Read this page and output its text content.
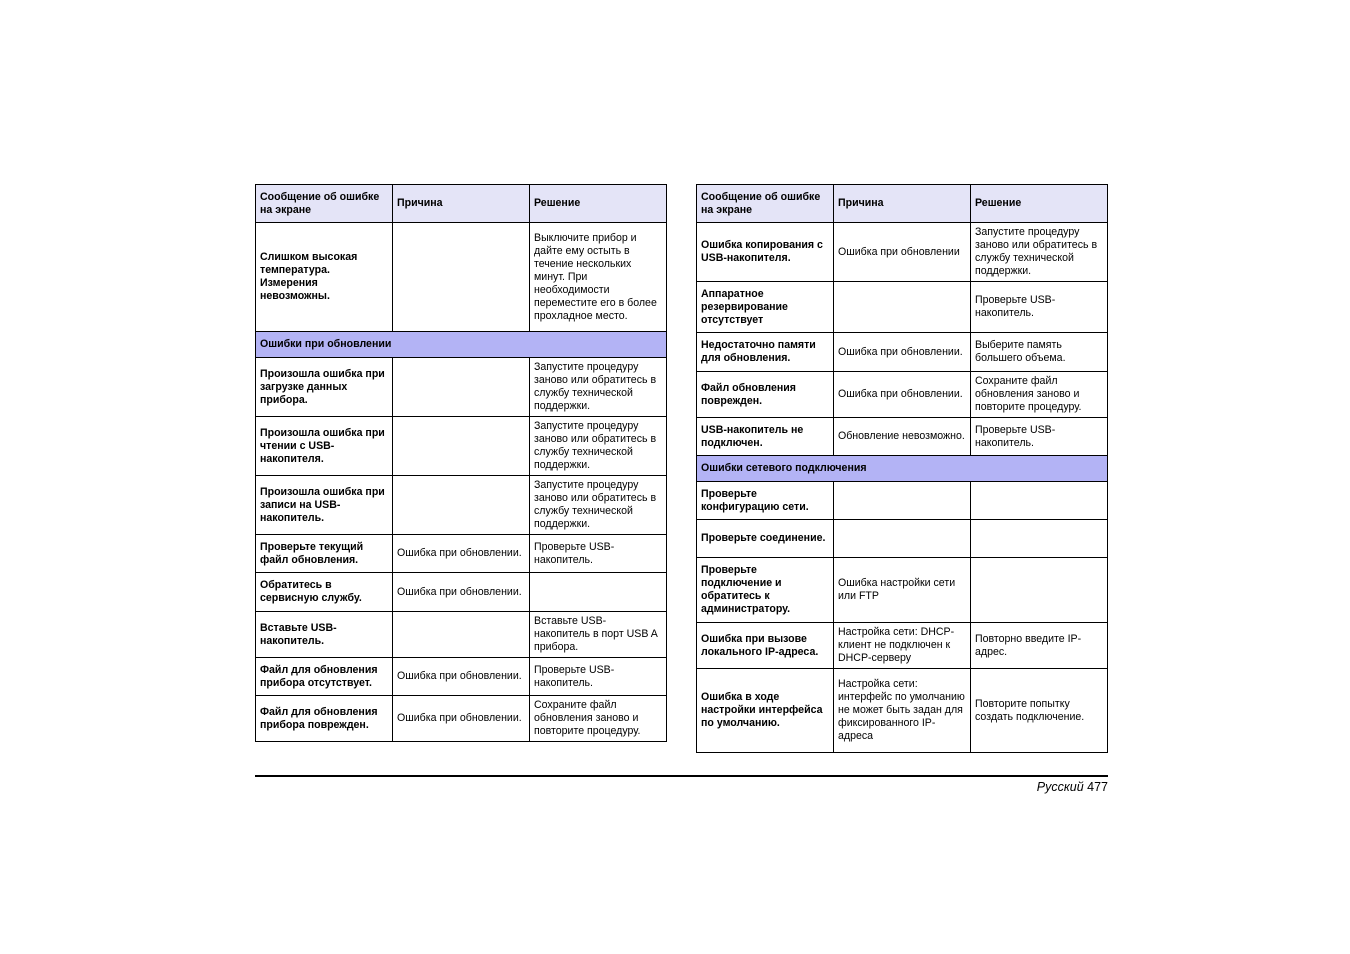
Сообщение об ошибке на экране	Причина	Решение
Слишком высокая температура. Измерения невозможны.		Выключите прибор и дайте ему остыть в течение нескольких минут. При необходимости переместите его в более прохладное место.
Ошибки при обновлении		
Произошла ошибка при загрузке данных прибора.		Запустите процедуру заново или обратитесь в службу технической поддержки.
Произошла ошибка при чтении с USB-накопителя.		Запустите процедуру заново или обратитесь в службу технической поддержки.
Произошла ошибка при записи на USB-накопитель.		Запустите процедуру заново или обратитесь в службу технической поддержки.
Проверьте текущий файл обновления.	Ошибка при обновлении.	Проверьте USB-накопитель.
Обратитесь в сервисную службу.	Ошибка при обновлении.	
Вставьте USB-накопитель.		Вставьте USB-накопитель в порт USB A прибора.
Файл для обновления прибора отсутствует.	Ошибка при обновлении.	Проверьте USB-накопитель.
Файл для обновления прибора поврежден.	Ошибка при обновлении.	Сохраните файл обновления заново и повторите процедуру.
Сообщение об ошибке на экране	Причина	Решение
Ошибка копирования с USB-накопителя.	Ошибка при обновлении	Запустите процедуру заново или обратитесь в службу технической поддержки.
Аппаратное резервирование отсутствует		Проверьте USB-накопитель.
Недостаточно памяти для обновления.	Ошибка при обновлении.	Выберите память большего объема.
Файл обновления поврежден.	Ошибка при обновлении.	Сохраните файл обновления заново и повторите процедуру.
USB-накопитель не подключен.	Обновление невозможно.	Проверьте USB-накопитель.
Ошибки сетевого подключения		
Проверьте конфигурацию сети.		
Проверьте соединение.		
Проверьте подключение и обратитесь к администратору.	Ошибка настройки сети или FTP	
Ошибка при вызове локального IP-адреса.	Настройка сети: DHCP-клиент не подключен к DHCP-серверу	Повторно введите IP-адрес.
Ошибка в ходе настройки интерфейса по умолчанию.	Настройка сети: интерфейс по умолчанию не может быть задан для фиксированного IP-адреса	Повторите попытку создать подключение.
Русский 477
